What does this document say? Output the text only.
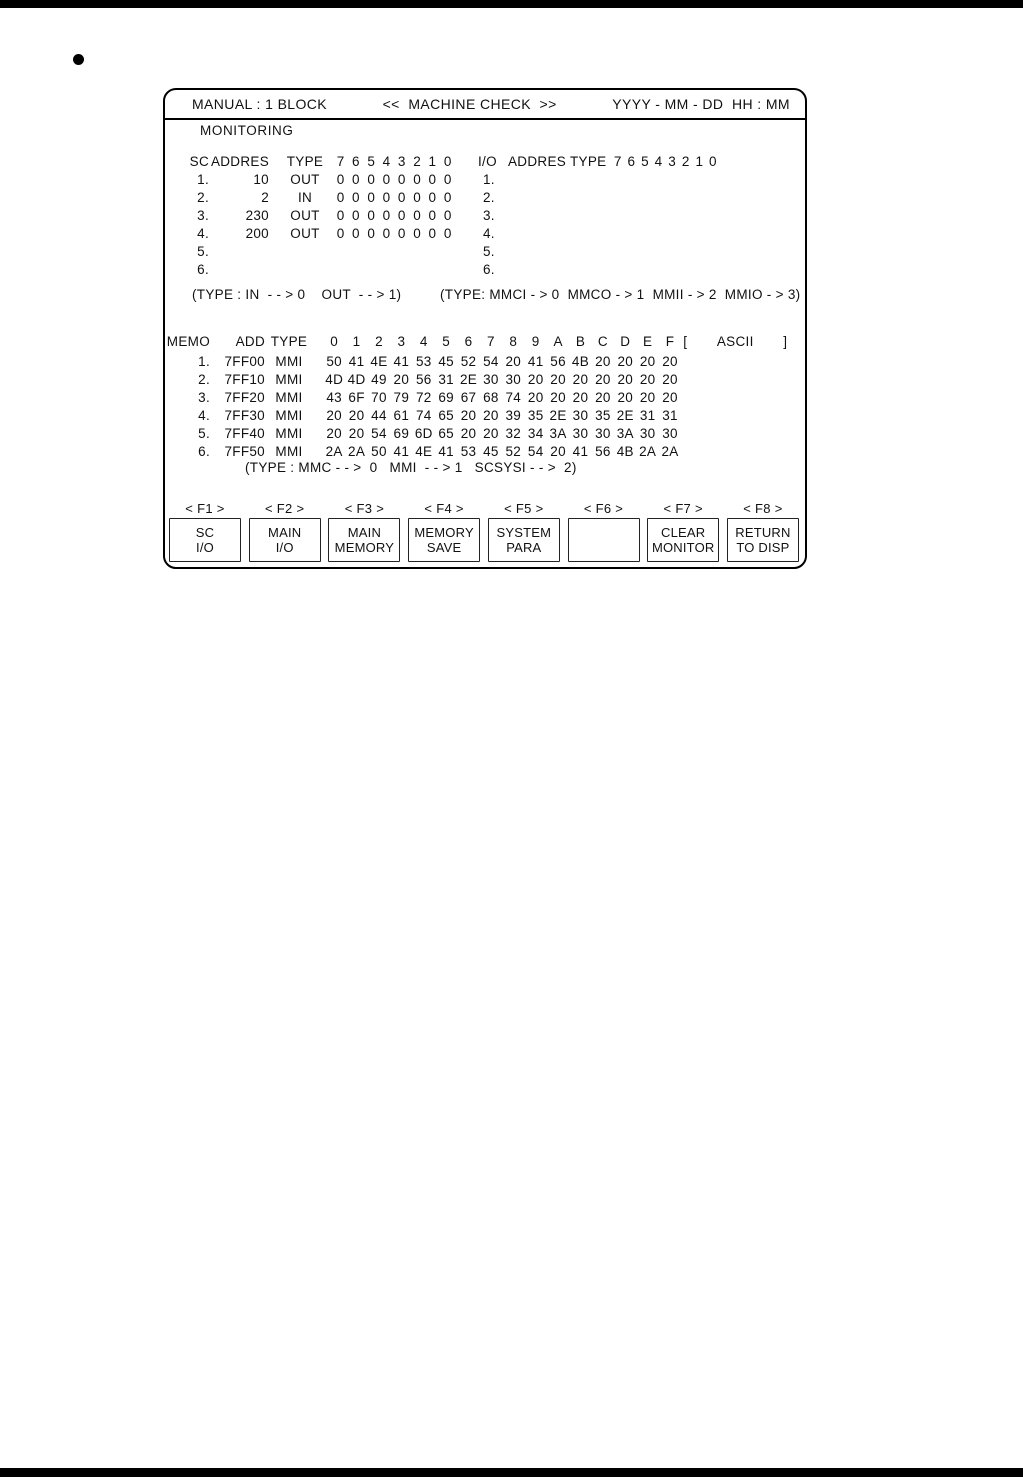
MANUAL : 1 BLOCK	<<  MACHINE CHECK  >>	YYYY - MM - DD  HH : MM
MONITORING
SC ADDRES	TYPE	7 6 5 4 3 2 1 0
1.	10	OUT	0 0 0 0 0 0 0 0
2.	2	IN	0 0 0 0 0 0 0 0
3.	230	OUT	0 0 0 0 0 0 0 0
4.	200	OUT	0 0 0 0 0 0 0 0
5.
6.
I/O ADDRES TYPE 7 6 5 4 3 2 1 0
1.
2.
3.
4.
5.
6.
(TYPE : IN  - - > 0    OUT  - - > 1)	(TYPE: MMCI - > 0  MMCO - > 1  MMII - > 2  MMIO - > 3)
MEMO	ADD TYPE	0	1	2	3	4	5	6	7	8	9	A B C D E F [	ASCII	]
1.	7FF00 MMI	50 41 4E 41 53 45 52 54 20 41 56 4B 20 20 20 20
2.	7FF10 MMI	4D 4D 49 20 56 31 2E 30 30 20 20 20 20 20 20 20
3.	7FF20 MMI	43 6F 70 79 72 69 67 68 74 20 20 20 20 20 20 20
4.	7FF30 MMI	20 20 44 61 74 65 20 20 39 35 2E 30 35 2E 31 31
5.	7FF40 MMI	20 20 54 69 6D 65 20 20 32 34 3A 30 30 3A 30 30
6.	7FF50 MMI	2A 2A 50 41 4E 41 53 45 52 54 20 41 56 4B 2A 2A
(TYPE : MMC - - >  0   MMI  - - > 1   SCSYSI - - >  2)
< F1 >	< F2 >	< F3 >	< F4 >	< F5 >	< F6 >	< F7 >	< F8 >
SC
I/O
MAIN
I/O
MAIN
MEMORY
MEMORY
SAVE
SYSTEM
PARA
CLEAR
MONITOR
RETURN
TO DISP
